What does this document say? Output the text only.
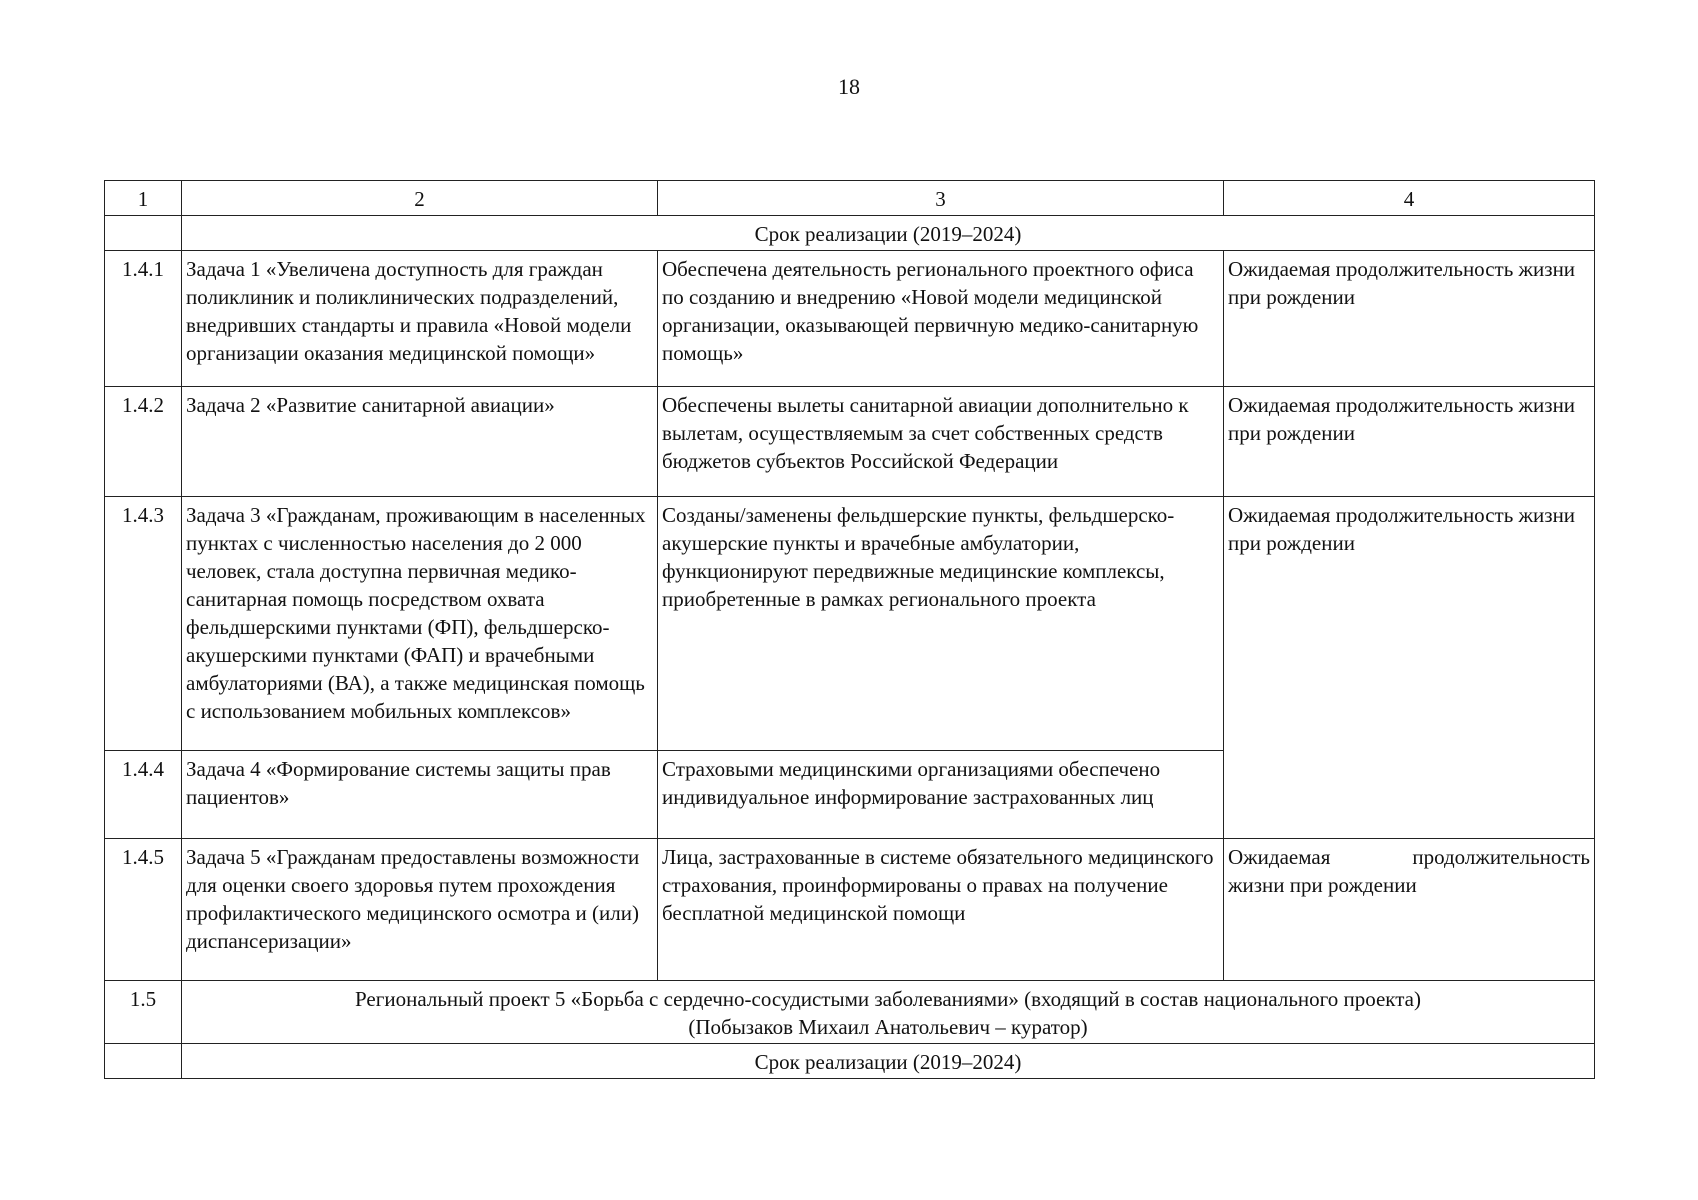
18
1	2	3	4
	Срок реализации (2019–2024)		
1.4.1	Задача 1 «Увеличена доступность для граждан поликлиник и поликлинических подразделений, внедривших стандарты и правила «Новой модели организации оказания медицинской помощи»	Обеспечена деятельность регионального проектного офиса по созданию и внедрению «Новой модели медицинской организации, оказывающей первичную медико-санитарную помощь»	Ожидаемая продолжительность жизни при рождении
1.4.2	Задача 2 «Развитие санитарной авиации»	Обеспечены вылеты санитарной авиации дополнительно к вылетам, осуществляемым за счет собственных средств бюджетов субъектов Российской Федерации	Ожидаемая продолжительность жизни при рождении
1.4.3	Задача 3 «Гражданам, проживающим в населенных пунктах с численностью населения до 2 000 человек, стала доступна первичная медико-санитарная помощь посредством охвата фельдшерскими пунктами (ФП), фельдшерско-акушерскими пунктами (ФАП) и врачебными амбулаториями (ВА), а также медицинская помощь с использованием мобильных комплексов»	Созданы/заменены фельдшерские пункты, фельдшерско-акушерские пункты и врачебные амбулатории, функционируют передвижные медицинские комплексы, приобретенные в рамках регионального проекта	Ожидаемая продолжительность жизни при рождении
1.4.4	Задача 4 «Формирование системы защиты прав пациентов»	Страховыми медицинскими организациями обеспечено индивидуальное информирование застрахованных лиц	
1.4.5	Задача 5 «Гражданам предоставлены возможности для оценки своего здоровья путем прохождения профилактического медицинского осмотра и (или) диспансеризации»	Лица, застрахованные в системе обязательного медицинского страхования, проинформированы о правах на получение бесплатной медицинской помощи	Ожидаемая продолжительность
жизни при рождении

1.5	Региональный проект 5 «Борьба с сердечно-сосудистыми заболеваниями» (входящий в состав национального проекта)
(Побызаков Михаил Анатольевич – куратор)		

	Срок реализации (2019–2024)		
